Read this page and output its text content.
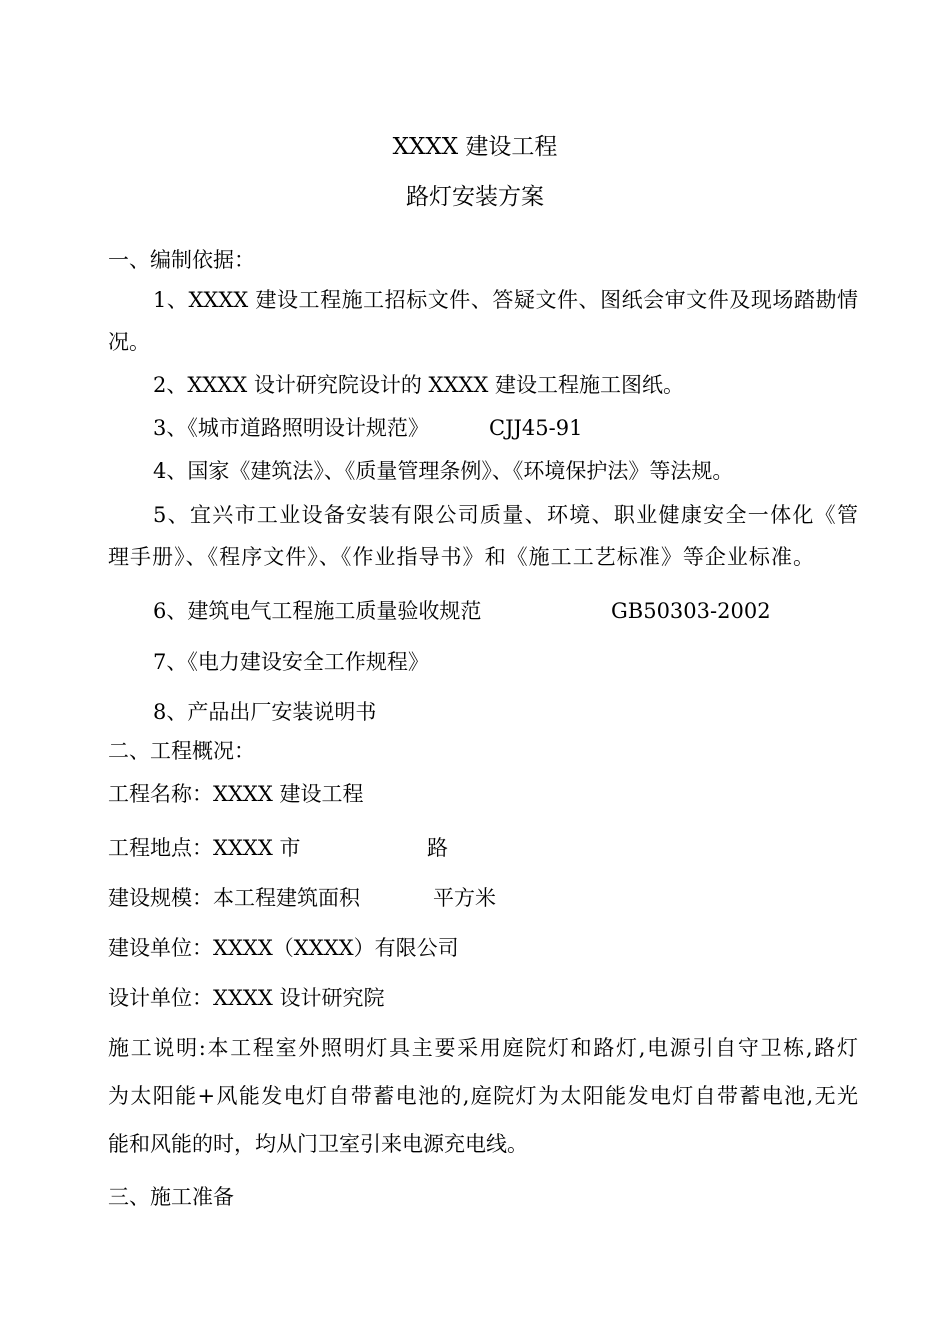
XXXX 建设工程
路灯安装方案
一、编制依据：
1、XXXX 建设工程施工招标文件、答疑文件、图纸会审文件及现场踏勘情
况。
2、XXXX 设计研究院设计的 XXXX 建设工程施工图纸。
3、《城市道路照明设计规范》	CJJ45-91
4、国家《建筑法》、《质量管理条例》、《环境保护法》等法规。
5、宜兴市工业设备安装有限公司质量、环境、职业健康安全一体化《管
理手册》、《程序文件》、《作业指导书》和《施工工艺标准》等企业标准。
6、建筑电气工程施工质量验收规范	GB50303-2002
7、《电力建设安全工作规程》
8、产品出厂安装说明书
二、工程概况：
工程名称：XXXX 建设工程
工程地点：XXXX 市	路
建设规模：本工程建筑面积	平方米
建设单位：XXXX（XXXX）有限公司
设计单位：XXXX 设计研究院
施工说明:本工程室外照明灯具主要采用庭院灯和路灯,电源引自守卫栋,路灯
为太阳能+风能发电灯自带蓄电池的,庭院灯为太阳能发电灯自带蓄电池,无光
能和风能的时，均从门卫室引来电源充电线。
三、施工准备
